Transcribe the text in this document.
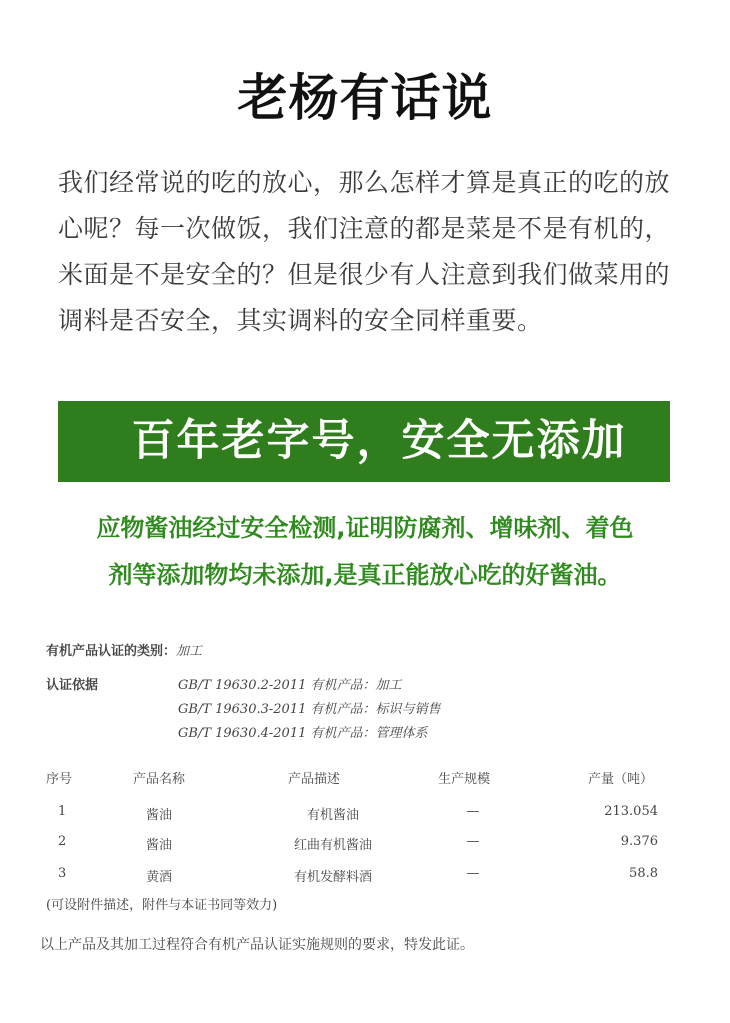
老杨有话说
我们经常说的吃的放心，那么怎样才算是真正的吃的放心呢？每一次做饭，我们注意的都是菜是不是有机的，米面是不是安全的？但是很少有人注意到我们做菜用的调料是否安全，其实调料的安全同样重要。
百年老字号，安全无添加
应物酱油经过安全检测,证明防腐剂、增味剂、着色
剂等添加物均未添加,是真正能放心吃的好酱油。
有机产品认证的类别：加工
认证依据	GB/T 19630.2-2011 有机产品：加工
GB/T 19630.3-2011 有机产品：标识与销售
GB/T 19630.4-2011 有机产品：管理体系
序号	产品名称	产品描述	生产规模	产量（吨）
1	酱油	有机酱油	—	213.054
2	酱油	红曲有机酱油	—	9.376
3	黄酒	有机发酵料酒	—	58.8
(可设附件描述，附件与本证书同等效力)
以上产品及其加工过程符合有机产品认证实施规则的要求，特发此证。
